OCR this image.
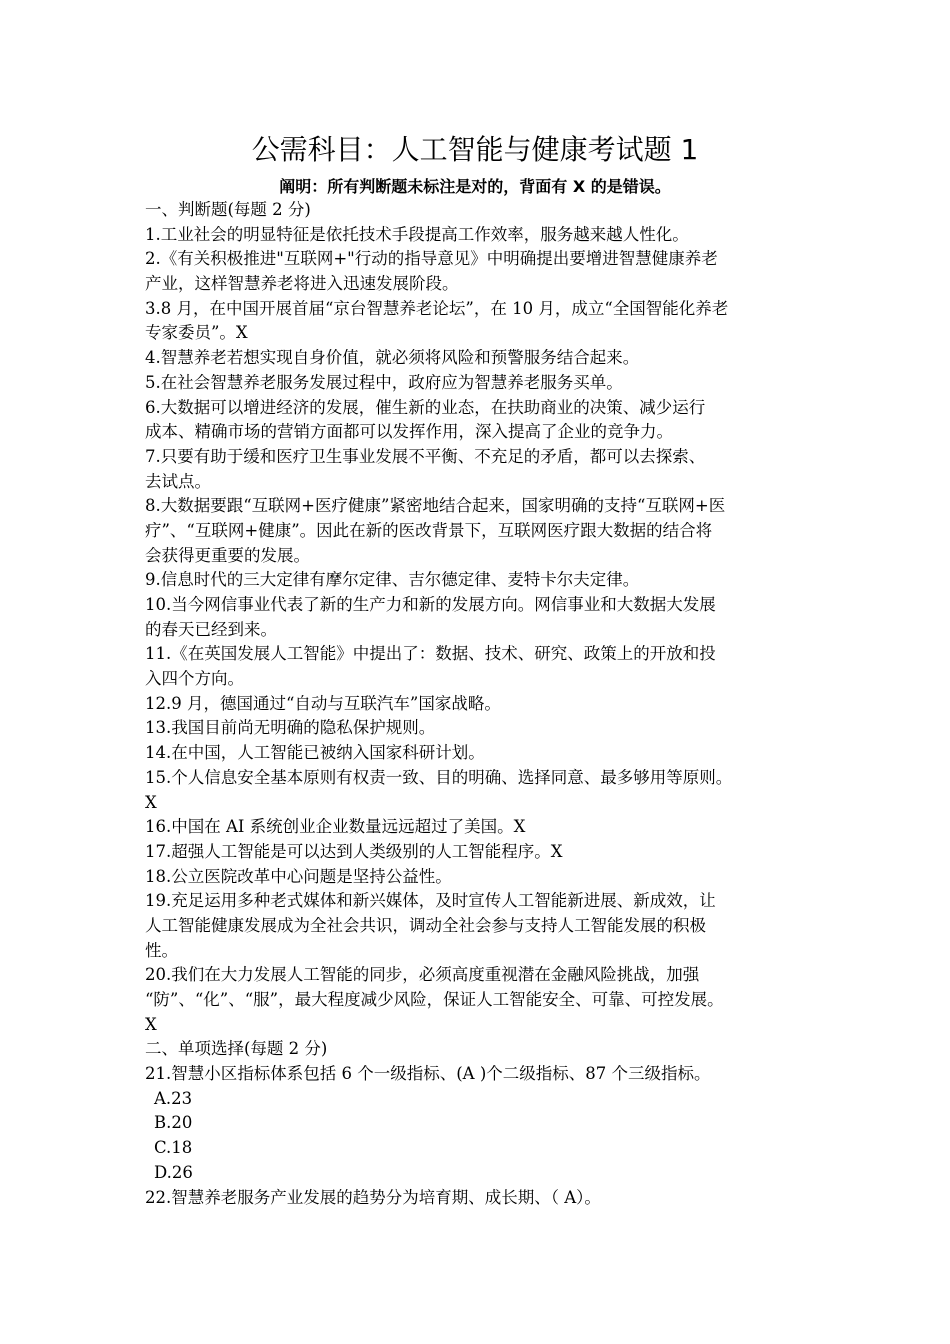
公需科目：人工智能与健康考试题 1
阐明：所有判断题未标注是对的，背面有 X 的是错误。
一、判断题(每题 2 分)
1.工业社会的明显特征是依托技术手段提高工作效率，服务越来越人性化。
2.《有关积极推进"互联网+"行动的指导意见》中明确提出要增进智慧健康养老
产业，这样智慧养老将进入迅速发展阶段。
3.8 月，在中国开展首届“京台智慧养老论坛”，在 10 月，成立“全国智能化养老
专家委员”。X
4.智慧养老若想实现自身价值，就必须将风险和预警服务结合起来。
5.在社会智慧养老服务发展过程中，政府应为智慧养老服务买单。
6.大数据可以增进经济的发展，催生新的业态，在扶助商业的决策、减少运行
成本、精确市场的营销方面都可以发挥作用，深入提高了企业的竞争力。
7.只要有助于缓和医疗卫生事业发展不平衡、不充足的矛盾，都可以去探索、
去试点。
8.大数据要跟“互联网+医疗健康”紧密地结合起来，国家明确的支持“互联网+医
疗”、“互联网+健康”。因此在新的医改背景下，互联网医疗跟大数据的结合将
会获得更重要的发展。
9.信息时代的三大定律有摩尔定律、吉尔德定律、麦特卡尔夫定律。
10.当今网信事业代表了新的生产力和新的发展方向。网信事业和大数据大发展
的春天已经到来。
11.《在英国发展人工智能》中提出了：数据、技术、研究、政策上的开放和投
入四个方向。
12.9 月，德国通过“自动与互联汽车”国家战略。
13.我国目前尚无明确的隐私保护规则。
14.在中国，人工智能已被纳入国家科研计划。
15.个人信息安全基本原则有权责一致、目的明确、选择同意、最多够用等原则。
X
16.中国在 AI 系统创业企业数量远远超过了美国。X
17.超强人工智能是可以达到人类级别的人工智能程序。X
18.公立医院改革中心问题是坚持公益性。
19.充足运用多种老式媒体和新兴媒体，及时宣传人工智能新进展、新成效，让
人工智能健康发展成为全社会共识，调动全社会参与支持人工智能发展的积极
性。
20.我们在大力发展人工智能的同步，必须高度重视潜在金融风险挑战，加强
“防”、“化”、“服”，最大程度减少风险，保证人工智能安全、可靠、可控发展。
X
二、单项选择(每题 2 分)
21.智慧小区指标体系包括 6 个一级指标、(A )个二级指标、87 个三级指标。
A.23
B.20
C.18
D.26
22.智慧养老服务产业发展的趋势分为培育期、成长期、（ A）。
